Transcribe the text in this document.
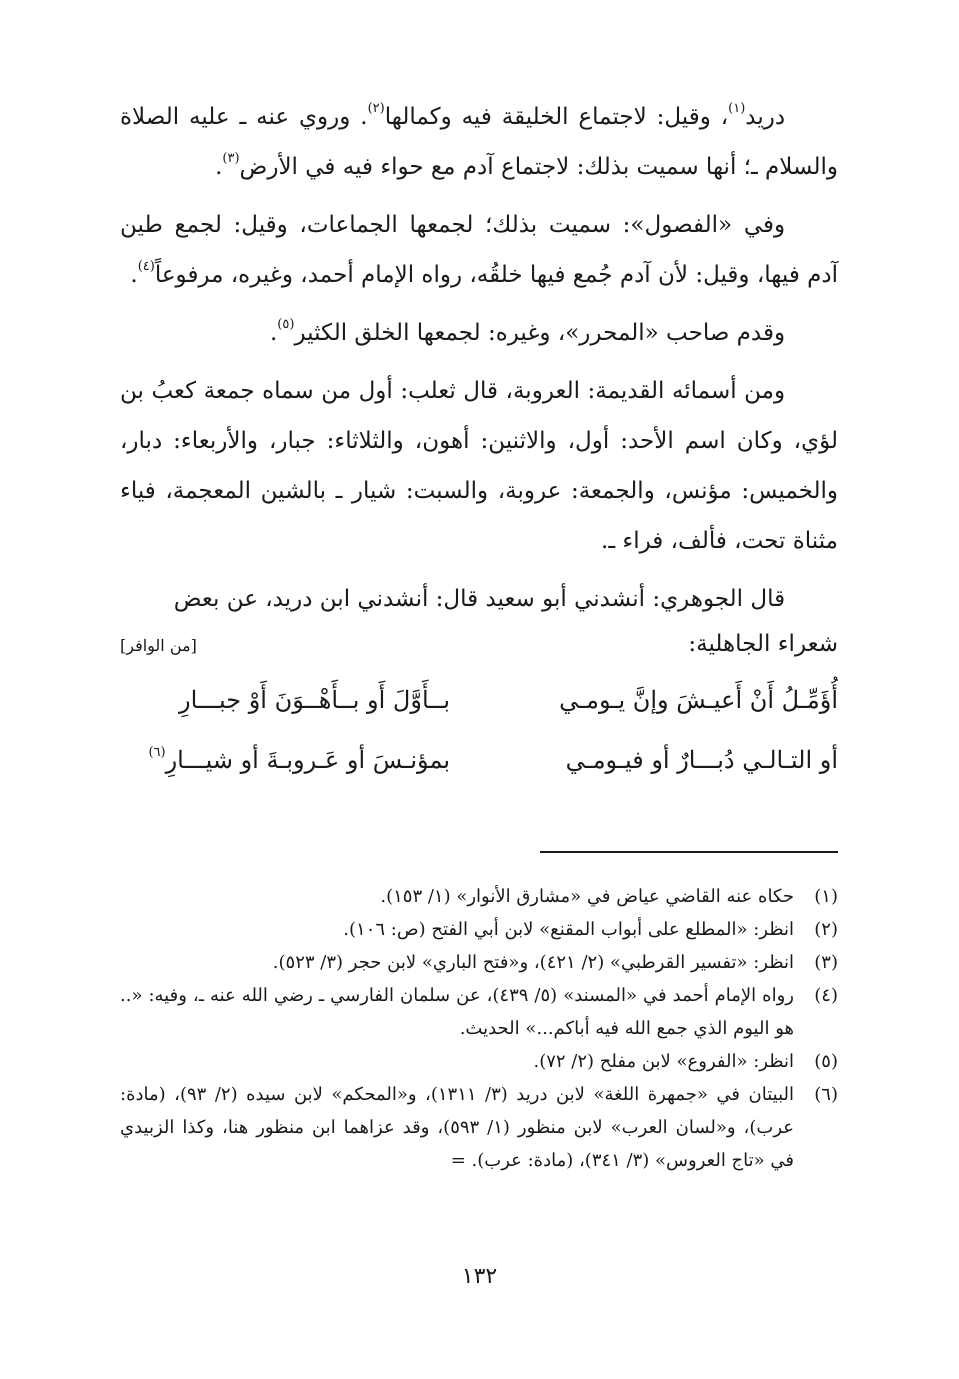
دريد$^{(١)}$، وقيل: لاجتماع الخليقة فيه وكمالها$^{(٢)}$. وروي عنه ـ عليه الصلاة والسلام ـ؛ أنها سميت بذلك: لاجتماع آدم مع حواء فيه في الأرض$^{(٣)}$.

وفي «الفصول»: سميت بذلك؛ لجمعها الجماعات، وقيل: لجمع طين آدم فيها، وقيل: لأن آدم جُمع فيها خلقُه، رواه الإمام أحمد، وغيره، مرفوعاً$^{(٤)}$.

وقدم صاحب «المحرر»، وغيره: لجمعها الخلق الكثير$^{(٥)}$.

ومن أسمائه القديمة: العروبة، قال ثعلب: أول من سماه جمعة كعبُ بن لؤي، وكان اسم الأحد: أول، والاثنين: أهون، والثلاثاء: جبار، والأربعاء: دبار، والخميس: مؤنس، والجمعة: عروبة، والسبت: شيار ـ بالشين المعجمة، فياء مثناة تحت، فألف، فراء ـ.

قال الجوهري: أنشدني أبو سعيد قال: أنشدني ابن دريد، عن بعض

شعراء الجاهلية:
[من الوافر]
أُؤَمِّـلُ أَنْ أَعيـشَ وإنَّ يـومـي
بــأَوَّلَ أَو بــأَهْــوَنَ أَوْ جبـــارِ
أو التـالـي دُبـــارٌ أو فيـومـي
بمؤنـسَ أو عَـروبـةَ أو شيـــارِ$^{(٦)}$
(١)
حكاه عنه القاضي عياض في «مشارق الأنوار» (١/ ١٥٣).
(٢)
انظر: «المطلع على أبواب المقنع» لابن أبي الفتح (ص: ١٠٦).
(٣)
انظر: «تفسير القرطبي» (٢/ ٤٢١)، و«فتح الباري» لابن حجر (٣/ ٥٢٣).
(٤)
رواه الإمام أحمد في «المسند» (٥/ ٤٣٩)، عن سلمان الفارسي ـ رضي الله عنه ـ، وفيه: «.. هو اليوم الذي جمع الله فيه أباكم...» الحديث.
(٥)
انظر: «الفروع» لابن مفلح (٢/ ٧٢).
(٦)
البيتان في «جمهرة اللغة» لابن دريد (٣/ ١٣١١)، و«المحكم» لابن سيده (٢/ ٩٣)، (مادة: عرب)، و«لسان العرب» لابن منظور (١/ ٥٩٣)، وقد عزاهما ابن منظور هنا، وكذا الزبيدي في «تاج العروس» (٣/ ٣٤١)، (مادة: عرب). =
١٣٢
